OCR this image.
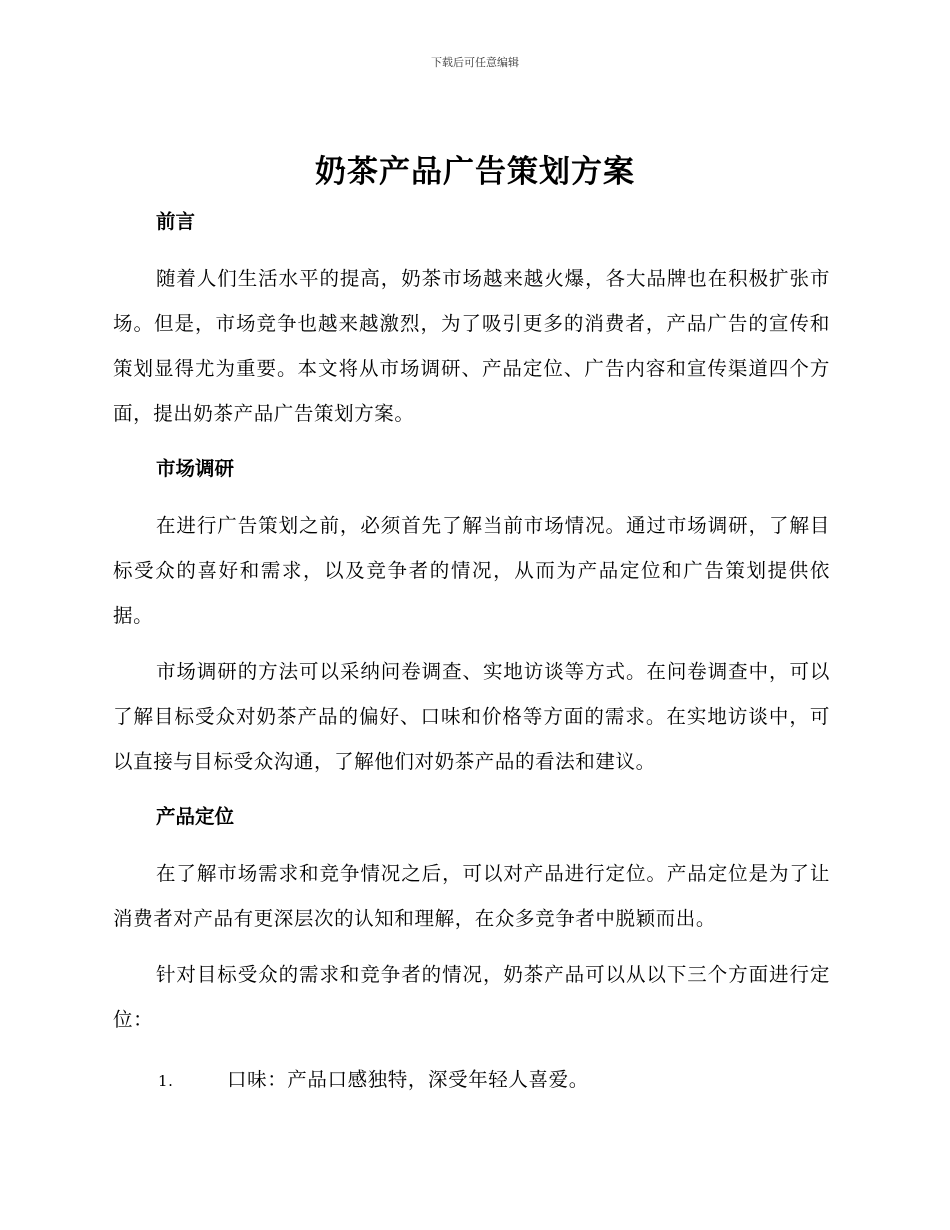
下载后可任意编辑
奶茶产品广告策划方案
前言

随着人们生活水平的提高，奶茶市场越来越火爆，各大品牌也在积极扩张市场。但是，市场竞争也越来越激烈，为了吸引更多的消费者，产品广告的宣传和策划显得尤为重要。本文将从市场调研、产品定位、广告内容和宣传渠道四个方面，提出奶茶产品广告策划方案。

市场调研

在进行广告策划之前，必须首先了解当前市场情况。通过市场调研，了解目标受众的喜好和需求，以及竞争者的情况，从而为产品定位和广告策划提供依据。

市场调研的方法可以采纳问卷调查、实地访谈等方式。在问卷调查中，可以了解目标受众对奶茶产品的偏好、口味和价格等方面的需求。在实地访谈中，可以直接与目标受众沟通，了解他们对奶茶产品的看法和建议。

产品定位

在了解市场需求和竞争情况之后，可以对产品进行定位。产品定位是为了让消费者对产品有更深层次的认知和理解，在众多竞争者中脱颖而出。

针对目标受众的需求和竞争者的情况，奶茶产品可以从以下三个方面进行定位：

1.	口味：产品口感独特，深受年轻人喜爱。
